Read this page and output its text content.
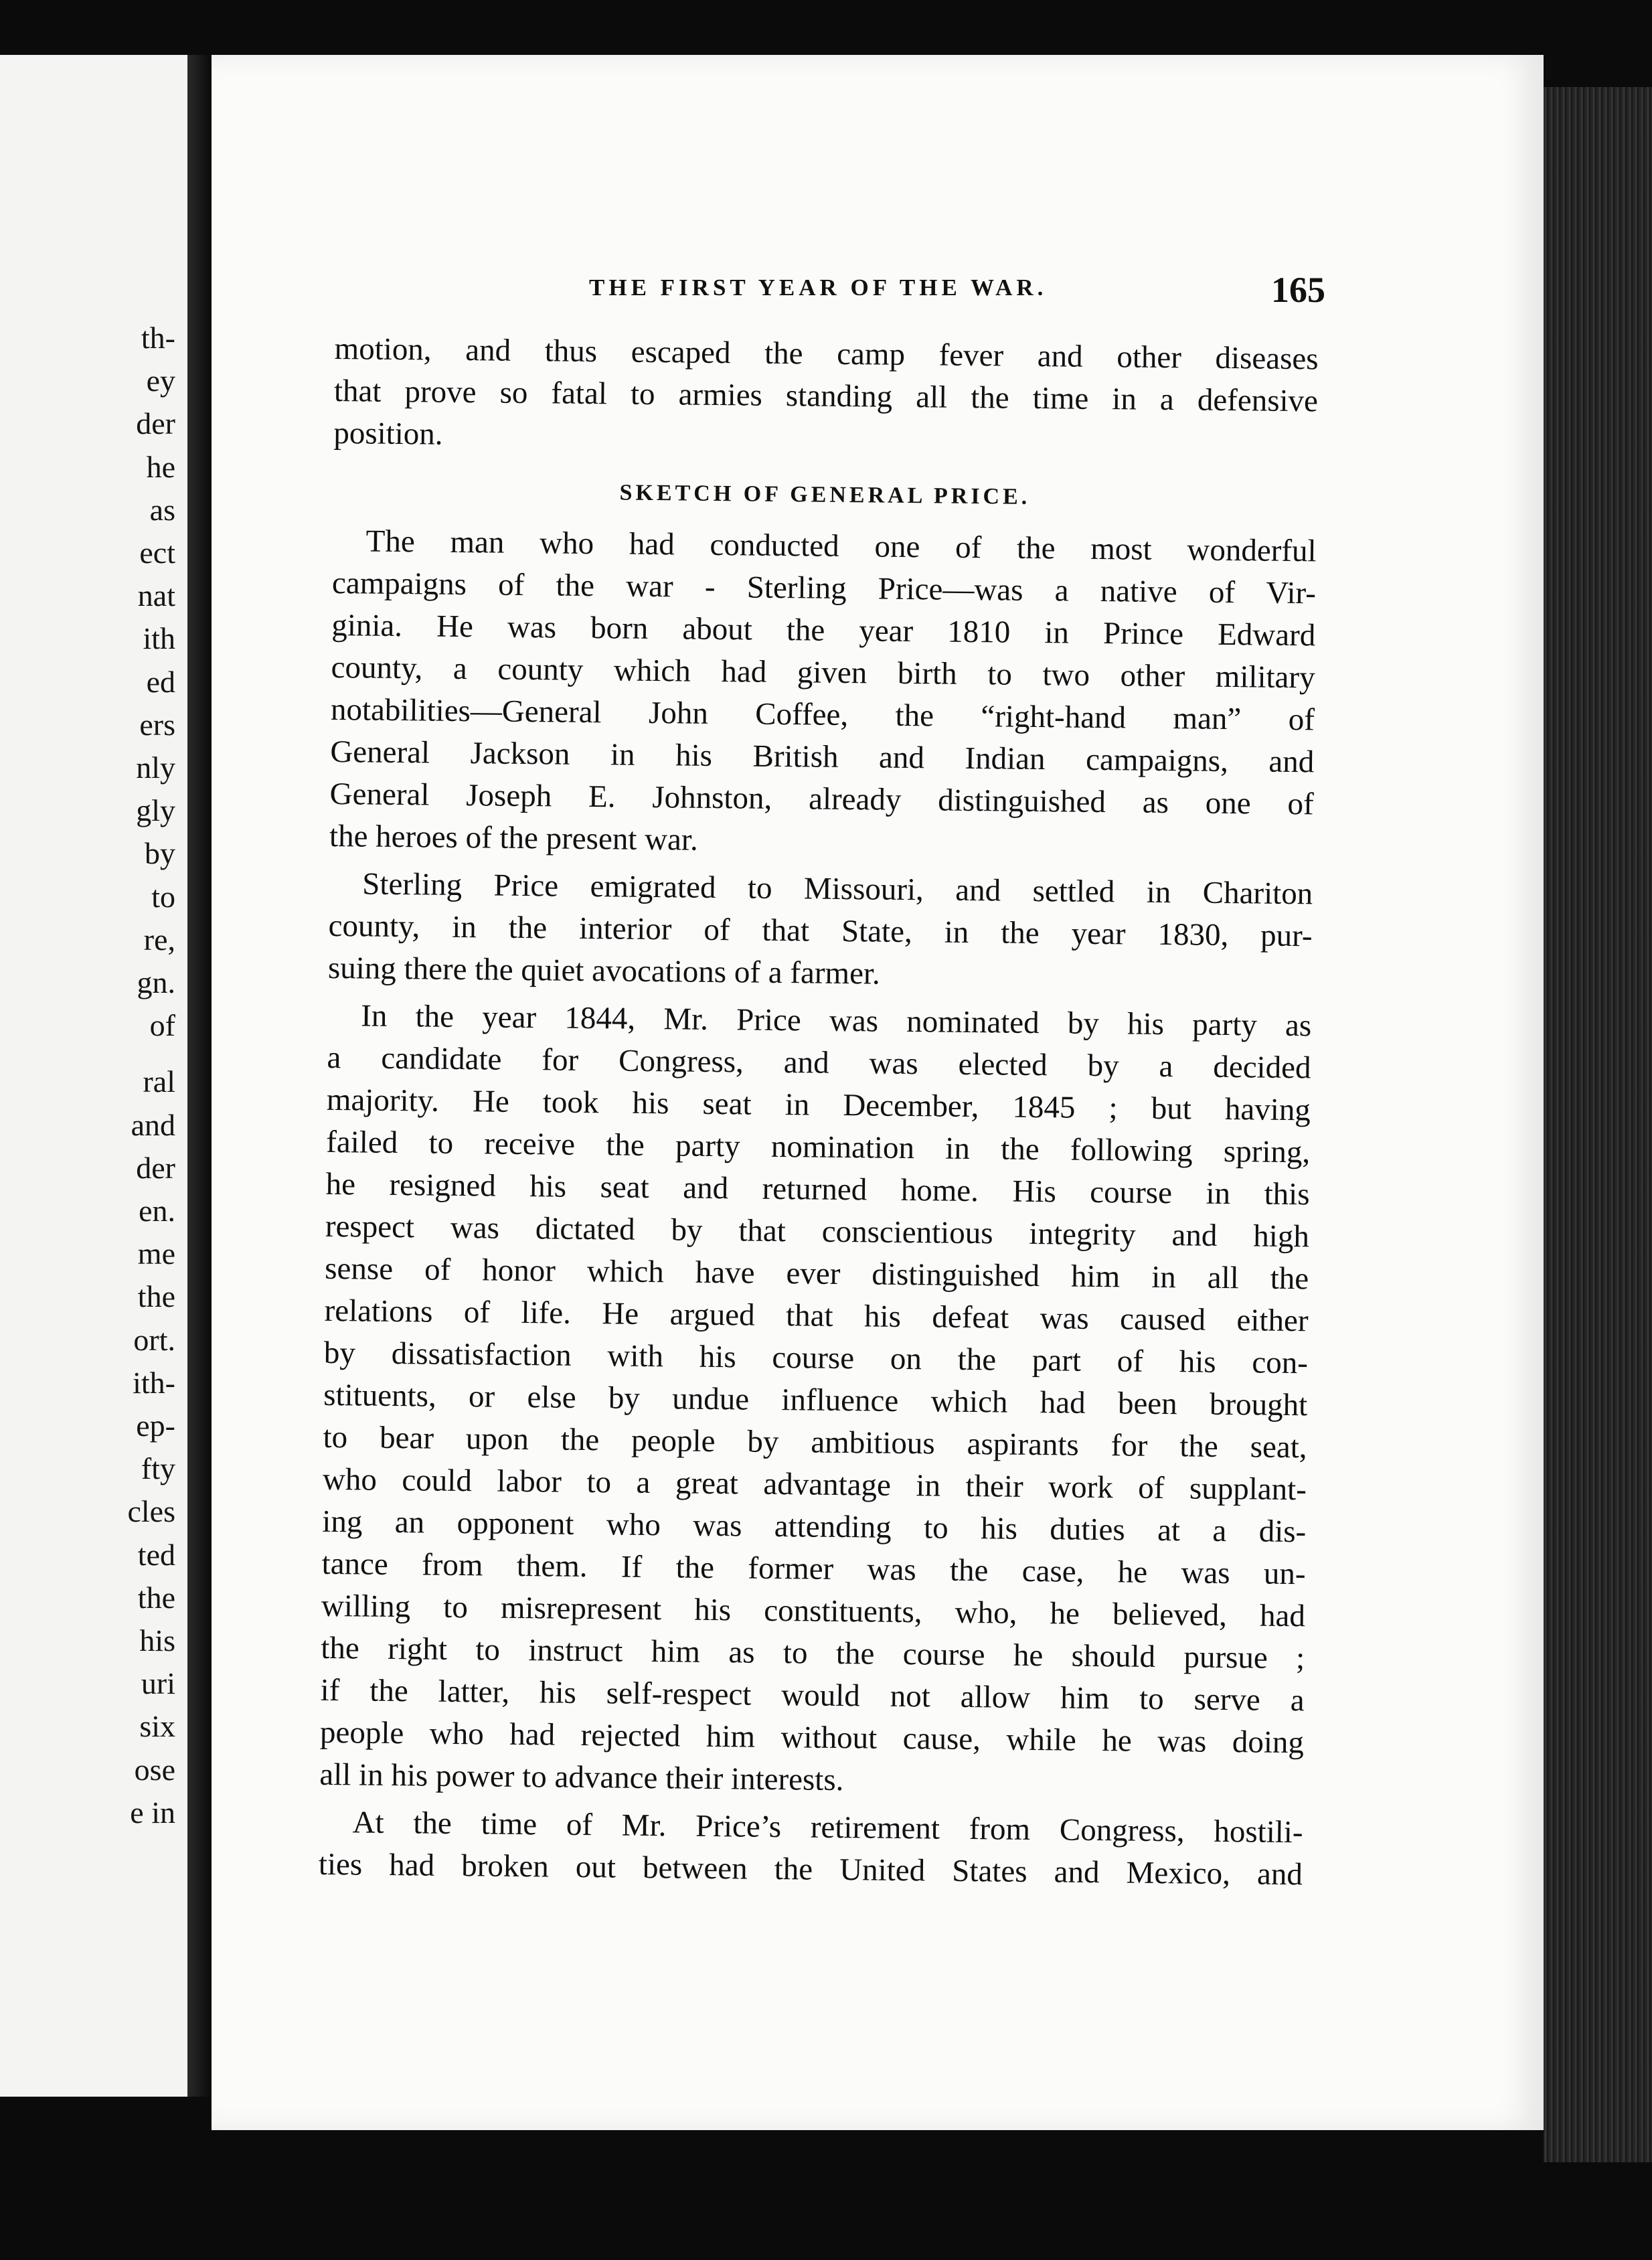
th-
ey
der
he
as
ect
nat
ith
ed
ers
nly
gly
by
to
re,
gn.
of
ral
and
der
en.
me
the
ort.
ith-
ep-
fty
cles
ted
the
his
uri
six
ose
e in
THE FIRST YEAR OF THE WAR.	165
motion, and thus escaped the camp fever and other diseases
that prove so fatal to armies standing all the time in a defensive
position.
SKETCH OF GENERAL PRICE.
The man who had conducted one of the most wonderful
campaigns of the war - Sterling Price—was a native of Vir-
ginia. He was born about the year 1810 in Prince Edward
county, a county which had given birth to two other military
notabilities—General John Coffee, the “right-hand man” of
General Jackson in his British and Indian campaigns, and
General Joseph E. Johnston, already distinguished as one of
the heroes of the present war.
Sterling Price emigrated to Missouri, and settled in Chariton
county, in the interior of that State, in the year 1830, pur-
suing there the quiet avocations of a farmer.
In the year 1844, Mr. Price was nominated by his party as
a candidate for Congress, and was elected by a decided
majority. He took his seat in December, 1845 ; but having
failed to receive the party nomination in the following spring,
he resigned his seat and returned home. His course in this
respect was dictated by that conscientious integrity and high
sense of honor which have ever distinguished him in all the
relations of life. He argued that his defeat was caused either
by dissatisfaction with his course on the part of his con-
stituents, or else by undue influence which had been brought
to bear upon the people by ambitious aspirants for the seat,
who could labor to a great advantage in their work of supplant-
ing an opponent who was attending to his duties at a dis-
tance from them. If the former was the case, he was un-
willing to misrepresent his constituents, who, he believed, had
the right to instruct him as to the course he should pursue ;
if the latter, his self-respect would not allow him to serve a
people who had rejected him without cause, while he was doing
all in his power to advance their interests.
At the time of Mr. Price’s retirement from Congress, hostili-
ties had broken out between the United States and Mexico, and
